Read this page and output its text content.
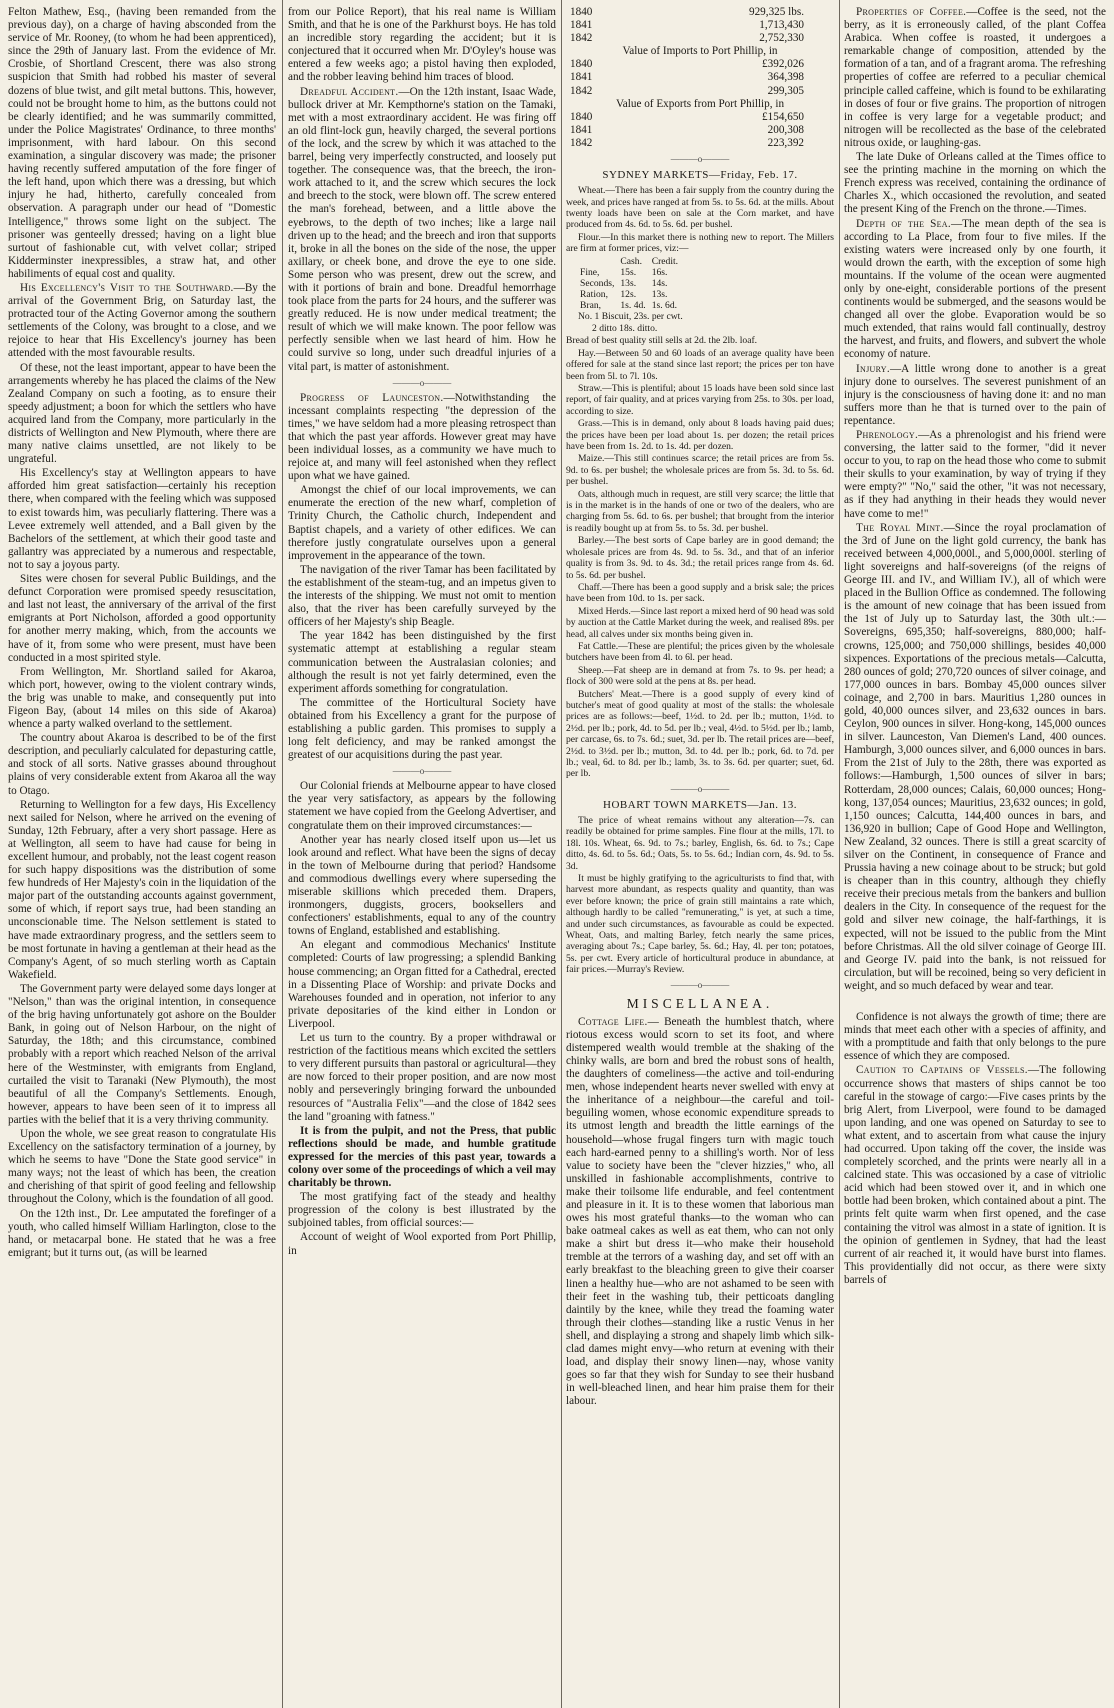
Felton Mathew, Esq., (having been remanded from the previous day), on a charge of having absconded from the service of Mr. Rooney, (to whom he had been apprenticed), since the 29th of January last. From the evidence of Mr. Crosbie, of Shortland Crescent, there was also strong suspicion that Smith had robbed his master of several dozens of blue twist, and gilt metal buttons. This, however, could not be brought home to him, as the buttons could not be clearly identified; and he was summarily committed, under the Police Magistrates' Ordinance, to three months' imprisonment, with hard labour. On this second examination, a singular discovery was made; the prisoner having recently suffered amputation of the fore finger of the left hand, upon which there was a dressing, but which injury he had, hitherto, carefully concealed from observation. A paragraph under our head of "Domestic Intelligence," throws some light on the subject. The prisoner was genteelly dressed; having on a light blue surtout of fashionable cut, with velvet collar; striped Kidderminster inexpressibles, a straw hat, and other habiliments of equal cost and quality.

His Excellency's Visit to the Southward.—By the arrival of the Government Brig, on Saturday last, the protracted tour of the Acting Governor among the southern settlements of the Colony, was brought to a close, and we rejoice to hear that His Excellency's journey has been attended with the most favourable results.

Of these, not the least important, appear to have been the arrangements whereby he has placed the claims of the New Zealand Company on such a footing, as to ensure their speedy adjustment; a boon for which the settlers who have acquired land from the Company, more particularly in the districts of Wellington and New Plymouth, where there are many native claims unsettled, are not likely to be ungrateful.

His Excellency's stay at Wellington appears to have afforded him great satisfaction—certainly his reception there, when compared with the feeling which was supposed to exist towards him, was peculiarly flattering. There was a Levee extremely well attended, and a Ball given by the Bachelors of the settlement, at which their good taste and gallantry was appreciated by a numerous and respectable, not to say a joyous party.

Sites were chosen for several Public Buildings, and the defunct Corporation were promised speedy resuscitation, and last not least, the anniversary of the arrival of the first emigrants at Port Nicholson, afforded a good opportunity for another merry making, which, from the accounts we have of it, from some who were present, must have been conducted in a most spirited style.

From Wellington, Mr. Shortland sailed for Akaroa, which port, however, owing to the violent contrary winds, the brig was unable to make, and consequently put into Figeon Bay, (about 14 miles on this side of Akaroa) whence a party walked overland to the settlement.

The country about Akaroa is described to be of the first description, and peculiarly calculated for depasturing cattle, and stock of all sorts. Native grasses abound throughout plains of very considerable extent from Akaroa all the way to Otago.

Returning to Wellington for a few days, His Excellency next sailed for Nelson, where he arrived on the evening of Sunday, 12th February, after a very short passage. Here as at Wellington, all seem to have had cause for being in excellent humour, and probably, not the least cogent reason for such happy dispositions was the distribution of some few hundreds of Her Majesty's coin in the liquidation of the major part of the outstanding accounts against government, some of which, if report says true, had been standing an unconscionable time. The Nelson settlement is stated to have made extraordinary progress, and the settlers seem to be most fortunate in having a gentleman at their head as the Company's Agent, of so much sterling worth as Captain Wakefield.

The Government party were delayed some days longer at "Nelson," than was the original intention, in consequence of the brig having unfortunately got ashore on the Boulder Bank, in going out of Nelson Harbour, on the night of Saturday, the 18th; and this circumstance, combined probably with a report which reached Nelson of the arrival here of the Westminster, with emigrants from England, curtailed the visit to Taranaki (New Plymouth), the most beautiful of all the Company's Settlements. Enough, however, appears to have been seen of it to impress all parties with the belief that it is a very thriving community.

Upon the whole, we see great reason to congratulate His Excellency on the satisfactory termination of a journey, by which he seems to have "Done the State good service" in many ways; not the least of which has been, the creation and cherishing of that spirit of good feeling and fellowship throughout the Colony, which is the foundation of all good.

On the 12th inst., Dr. Lee amputated the forefinger of a youth, who called himself William Harlington, close to the hand, or metacarpal bone. He stated that he was a free emigrant; but it turns out, (as will be learned

from our Police Report), that his real name is William Smith, and that he is one of the Parkhurst boys. He has told an incredible story regarding the accident; but it is conjectured that it occurred when Mr. D'Oyley's house was entered a few weeks ago; a pistol having then exploded, and the robber leaving behind him traces of blood.

Dreadful Accident.—On the 12th instant, Isaac Wade, bullock driver at Mr. Kempthorne's station on the Tamaki, met with a most extraordinary accident. He was firing off an old flint-lock gun, heavily charged, the several portions of the lock, and the screw by which it was attached to the barrel, being very imperfectly constructed, and loosely put together. The consequence was, that the breech, the iron-work attached to it, and the screw which secures the lock and breech to the stock, were blown off. The screw entered the man's forehead, between, and a little above the eyebrows, to the depth of two inches; like a large nail driven up to the head; and the breech and iron that supports it, broke in all the bones on the side of the nose, the upper axillary, or cheek bone, and drove the eye to one side. Some person who was present, drew out the screw, and with it portions of brain and bone. Dreadful hemorrhage took place from the parts for 24 hours, and the sufferer was greatly reduced. He is now under medical treatment; the result of which we will make known. The poor fellow was perfectly sensible when we last heard of him. How he could survive so long, under such dreadful injuries of a vital part, is matter of astonishment.

———o———

Progress of Launceston.—Notwithstanding the incessant complaints respecting "the depression of the times," we have seldom had a more pleasing retrospect than that which the past year affords. However great may have been individual losses, as a community we have much to rejoice at, and many will feel astonished when they reflect upon what we have gained.

Amongst the chief of our local improvements, we can enumerate the erection of the new wharf, completion of Trinity Church, the Catholic church, Independent and Baptist chapels, and a variety of other edifices. We can therefore justly congratulate ourselves upon a general improvement in the appearance of the town.

The navigation of the river Tamar has been facilitated by the establishment of the steam-tug, and an impetus given to the interests of the shipping. We must not omit to mention also, that the river has been carefully surveyed by the officers of her Majesty's ship Beagle.

The year 1842 has been distinguished by the first systematic attempt at establishing a regular steam communication between the Australasian colonies; and although the result is not yet fairly determined, even the experiment affords something for congratulation.

The committee of the Horticultural Society have obtained from his Excellency a grant for the purpose of establishing a public garden. This promises to supply a long felt deficiency, and may be ranked amongst the greatest of our acquisitions during the past year.

———o———

Our Colonial friends at Melbourne appear to have closed the year very satisfactory, as appears by the following statement we have copied from the Geelong Advertiser, and congratulate them on their improved circumstances:—

Another year has nearly closed itself upon us—let us look around and reflect. What have been the signs of decay in the town of Melbourne during that period? Handsome and commodious dwellings every where superseding the miserable skillions which preceded them. Drapers, ironmongers, duggists, grocers, booksellers and confectioners' establishments, equal to any of the country towns of England, established and establishing.

An elegant and commodious Mechanics' Institute completed: Courts of law progressing; a splendid Banking house commencing; an Organ fitted for a Cathedral, erected in a Dissenting Place of Worship: and private Docks and Warehouses founded and in operation, not inferior to any private depositaries of the kind either in London or Liverpool.

Let us turn to the country. By a proper withdrawal or restriction of the factitious means which excited the settlers to very different pursuits than pastoral or agricultural—they are now forced to their proper position, and are now most nobly and perseveringly bringing forward the unbounded resources of "Australia Felix"—and the close of 1842 sees the land "groaning with fatness."

It is from the pulpit, and not the Press, that public reflections should be made, and humble gratitude expressed for the mercies of this past year, towards a colony over some of the proceedings of which a veil may charitably be thrown.

The most gratifying fact of the steady and healthy progression of the colony is best illustrated by the subjoined tables, from official sources:—

Account of weight of Wool exported from Port Phillip, in

1840	929,325 lbs.
1841	1,713,430
1842	2,752,330
Value of Imports to Port Phillip, in
1840	£392,026
1841	364,398
1842	299,305
Value of Exports from Port Phillip, in
1840	£154,650
1841	200,308
1842	223,392
———o———
SYDNEY MARKETS—Friday, Feb. 17.

Wheat.—There has been a fair supply from the country during the week, and prices have ranged at from 5s. to 5s. 6d. at the mills. About twenty loads have been on sale at the Corn market, and have produced from 4s. 6d. to 5s. 6d. per bushel.

Flour.—In this market there is nothing new to report. The Millers are firm at former prices, viz:—

	Cash.	Credit.
Fine,	15s.	16s.
Seconds,	13s.	14s.
Ration,	12s.	13s.
Bran,	1s. 4d.	1s. 6d.

No. 1 Biscuit, 23s. per cwt.

2 ditto 18s. ditto.

Bread of best quality still sells at 2d. the 2lb. loaf.

Hay.—Between 50 and 60 loads of an average quality have been offered for sale at the stand since last report; the prices per ton have been from 5l. to 7l. 10s.

Straw.—This is plentiful; about 15 loads have been sold since last report, of fair quality, and at prices varying from 25s. to 30s. per load, according to size.

Grass.—This is in demand, only about 8 loads having paid dues; the prices have been per load about 1s. per dozen; the retail prices have been from 1s. 2d. to 1s. 4d. per dozen.

Maize.—This still continues scarce; the retail prices are from 5s. 9d. to 6s. per bushel; the wholesale prices are from 5s. 3d. to 5s. 6d. per bushel.

Oats, although much in request, are still very scarce; the little that is in the market is in the hands of one or two of the dealers, who are charging from 5s. 6d. to 6s. per bushel; that brought from the interior is readily bought up at from 5s. to 5s. 3d. per bushel.

Barley.—The best sorts of Cape barley are in good demand; the wholesale prices are from 4s. 9d. to 5s. 3d., and that of an inferior quality is from 3s. 9d. to 4s. 3d.; the retail prices range from 4s. 6d. to 5s. 6d. per bushel.

Chaff.—There has been a good supply and a brisk sale; the prices have been from 10d. to 1s. per sack.

Mixed Herds.—Since last report a mixed herd of 90 head was sold by auction at the Cattle Market during the week, and realised 89s. per head, all calves under six months being given in.

Fat Cattle.—These are plentiful; the prices given by the wholesale butchers have been from 4l. to 6l. per head.

Sheep.—Fat sheep are in demand at from 7s. to 9s. per head; a flock of 300 were sold at the pens at 8s. per head.

Butchers' Meat.—There is a good supply of every kind of butcher's meat of good quality at most of the stalls: the wholesale prices are as follows:—beef, 1½d. to 2d. per lb.; mutton, 1½d. to 2½d. per lb.; pork, 4d. to 5d. per lb.; veal, 4½d. to 5½d. per lb.; lamb, per carcase, 6s. to 7s. 6d.; suet, 3d. per lb. The retail prices are—beef, 2½d. to 3½d. per lb.; mutton, 3d. to 4d. per lb.; pork, 6d. to 7d. per lb.; veal, 6d. to 8d. per lb.; lamb, 3s. to 3s. 6d. per quarter; suet, 6d. per lb.

———o———
HOBART TOWN MARKETS—Jan. 13.

The price of wheat remains without any alteration—7s. can readily be obtained for prime samples. Fine flour at the mills, 17l. to 18l. 10s. Wheat, 6s. 9d. to 7s.; barley, English, 6s. 6d. to 7s.; Cape ditto, 4s. 6d. to 5s. 6d.; Oats, 5s. to 5s. 6d.; Indian corn, 4s. 9d. to 5s. 3d.

It must be highly gratifying to the agriculturists to find that, with harvest more abundant, as respects quality and quantity, than was ever before known; the price of grain still maintains a rate which, although hardly to be called "remunerating," is yet, at such a time, and under such circumstances, as favourable as could be expected. Wheat, Oats, and malting Barley, fetch nearly the same prices, averaging about 7s.; Cape barley, 5s. 6d.; Hay, 4l. per ton; potatoes, 5s. per cwt. Every article of horticultural produce in abundance, at fair prices.—Murray's Review.

———o———
MISCELLANEA.

Cottage Life.— Beneath the humblest thatch, where riotous excess would scorn to set its foot, and where distempered wealth would tremble at the shaking of the chinky walls, are born and bred the robust sons of health, the daughters of comeliness—the active and toil-enduring men, whose independent hearts never swelled with envy at the inheritance of a neighbour—the careful and toil-beguiling women, whose economic expenditure spreads to its utmost length and breadth the little earnings of the household—whose frugal fingers turn with magic touch each hard-earned penny to a shilling's worth. Nor of less value to society have been the "clever hizzies," who, all unskilled in fashionable accomplishments, contrive to make their toilsome life endurable, and feel contentment and pleasure in it. It is to these women that laborious man owes his most grateful thanks—to the woman who can bake oatmeal cakes as well as eat them, who can not only make a shirt but dress it—who make their household tremble at the terrors of a washing day, and set off with an early breakfast to the bleaching green to give their coarser linen a healthy hue—who are not ashamed to be seen with their feet in the washing tub, their petticoats dangling daintily by the knee, while they tread the foaming water through their clothes—standing like a rustic Venus in her shell, and displaying a strong and shapely limb which silk-clad dames might envy—who return at evening with their load, and display their snowy linen—nay, whose vanity goes so far that they wish for Sunday to see their husband in well-bleached linen, and hear him praise them for their labour.

Properties of Coffee.—Coffee is the seed, not the berry, as it is erroneously called, of the plant Coffea Arabica. When coffee is roasted, it undergoes a remarkable change of composition, attended by the formation of a tan, and of a fragrant aroma. The refreshing properties of coffee are referred to a peculiar chemical principle called caffeine, which is found to be exhilarating in doses of four or five grains. The proportion of nitrogen in coffee is very large for a vegetable product; and nitrogen will be recollected as the base of the celebrated nitrous oxide, or laughing-gas.

The late Duke of Orleans called at the Times office to see the printing machine in the morning on which the French express was received, containing the ordinance of Charles X., which occasioned the revolution, and seated the present King of the French on the throne.—Times.

Depth of the Sea.—The mean depth of the sea is according to La Place, from four to five miles. If the existing waters were increased only by one fourth, it would drown the earth, with the exception of some high mountains. If the volume of the ocean were augmented only by one-eight, considerable portions of the present continents would be submerged, and the seasons would be changed all over the globe. Evaporation would be so much extended, that rains would fall continually, destroy the harvest, and fruits, and flowers, and subvert the whole economy of nature.

Injury.—A little wrong done to another is a great injury done to ourselves. The severest punishment of an injury is the consciousness of having done it: and no man suffers more than he that is turned over to the pain of repentance.

Phrenology.—As a phrenologist and his friend were conversing, the latter said to the former, "did it never occur to you, to rap on the head those who come to submit their skulls to your examination, by way of trying if they were empty?" "No," said the other, "it was not necessary, as if they had anything in their heads they would never have come to me!"

The Royal Mint.—Since the royal proclamation of the 3rd of June on the light gold currency, the bank has received between 4,000,000l., and 5,000,000l. sterling of light sovereigns and half-sovereigns (of the reigns of George III. and IV., and William IV.), all of which were placed in the Bullion Office as condemned. The following is the amount of new coinage that has been issued from the 1st of July up to Saturday last, the 30th ult.:—Sovereigns, 695,350; half-sovereigns, 880,000; half-crowns, 125,000; and 750,000 shillings, besides 40,000 sixpences. Exportations of the precious metals—Calcutta, 280 ounces of gold; 270,720 ounces of silver coinage, and 177,000 ounces in bars. Bombay 45,000 ounces silver coinage, and 2,700 in bars. Mauritius 1,280 ounces in gold, 40,000 ounces silver, and 23,632 ounces in bars. Ceylon, 900 ounces in silver. Hong-kong, 145,000 ounces in silver. Launceston, Van Diemen's Land, 400 ounces. Hamburgh, 3,000 ounces silver, and 6,000 ounces in bars. From the 21st of July to the 28th, there was exported as follows:—Hamburgh, 1,500 ounces of silver in bars; Rotterdam, 28,000 ounces; Calais, 60,000 ounces; Hong-kong, 137,054 ounces; Mauritius, 23,632 ounces; in gold, 1,150 ounces; Calcutta, 144,400 ounces in bars, and 136,920 in bullion; Cape of Good Hope and Wellington, New Zealand, 32 ounces. There is still a great scarcity of silver on the Continent, in consequence of France and Prussia having a new coinage about to be struck; but gold is cheaper than in this country, although they chiefly receive their precious metals from the bankers and bullion dealers in the City. In consequence of the request for the gold and silver new coinage, the half-farthings, it is expected, will not be issued to the public from the Mint before Christmas. All the old silver coinage of George III. and George IV. paid into the bank, is not reissued for circulation, but will be recoined, being so very deficient in weight, and so much defaced by wear and tear.

Confidence is not always the growth of time; there are minds that meet each other with a species of affinity, and with a promptitude and faith that only belongs to the pure essence of which they are composed.

Caution to Captains of Vessels.—The following occurrence shows that masters of ships cannot be too careful in the stowage of cargo:—Five cases prints by the brig Alert, from Liverpool, were found to be damaged upon landing, and one was opened on Saturday to see to what extent, and to ascertain from what cause the injury had occurred. Upon taking off the cover, the inside was completely scorched, and the prints were nearly all in a calcined state. This was occasioned by a case of vitriolic acid which had been stowed over it, and in which one bottle had been broken, which contained about a pint. The prints felt quite warm when first opened, and the case containing the vitrol was almost in a state of ignition. It is the opinion of gentlemen in Sydney, that had the least current of air reached it, it would have burst into flames. This providentially did not occur, as there were sixty barrels of
